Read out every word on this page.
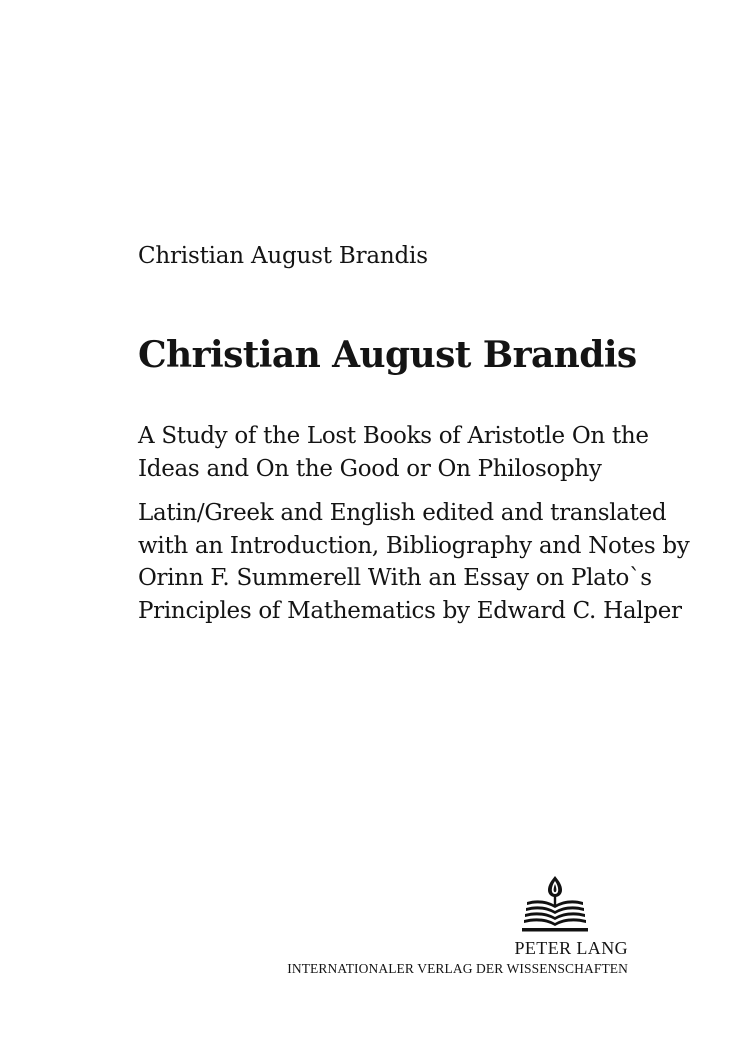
Christian August Brandis
Christian August Brandis
A Study of the Lost Books of Aristotle On the Ideas and On the Good or On Philosophy
Latin/Greek and English edited and translated with an Introduction, Bibliography and Notes by Orinn F. Summerell With an Essay on Plato`s Principles of Mathematics by Edward C. Halper
PETER LANG
INTERNATIONALER VERLAG DER WISSENSCHAFTEN
